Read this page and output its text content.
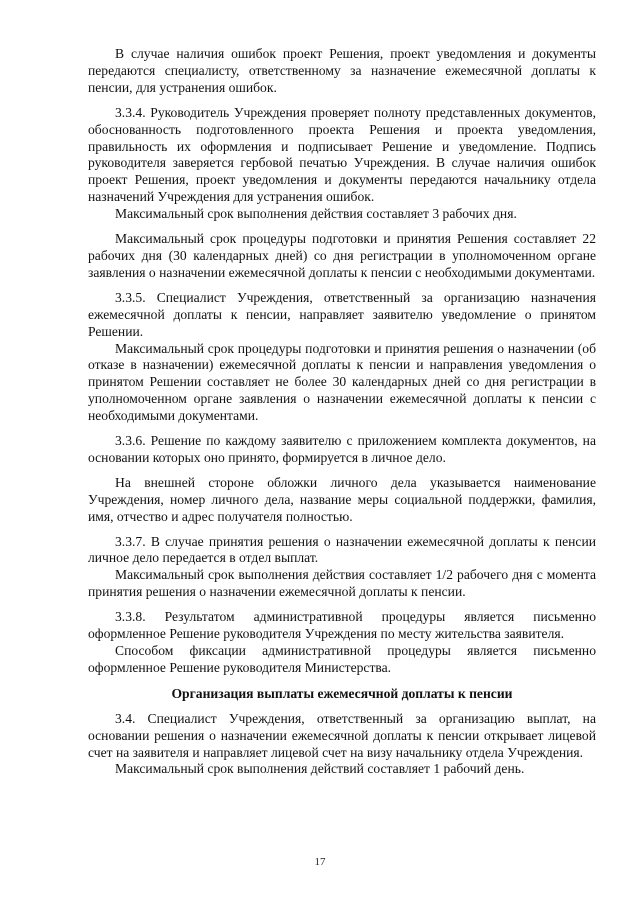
В случае наличия ошибок проект Решения, проект уведомления и документы передаются специалисту, ответственному за назначение ежемесячной доплаты к пенсии, для устранения ошибок.

3.3.4. Руководитель Учреждения проверяет полноту представленных документов, обоснованность подготовленного проекта Решения и проекта уведомления, правильность их оформления и подписывает Решение и уведомление. Подпись руководителя заверяется гербовой печатью Учреждения. В случае наличия ошибок проект Решения, проект уведомления и документы передаются начальнику отдела назначений Учреждения для устранения ошибок.

Максимальный срок выполнения действия составляет 3 рабочих дня.

Максимальный срок процедуры подготовки и принятия Решения составляет 22 рабочих дня (30 календарных дней) со дня регистрации в уполномоченном органе заявления о назначении ежемесячной доплаты к пенсии с необходимыми документами.

3.3.5. Специалист Учреждения, ответственный за организацию назначения ежемесячной доплаты к пенсии, направляет заявителю уведомление о принятом Решении.

Максимальный срок процедуры подготовки и принятия решения о назначении (об отказе в назначении) ежемесячной доплаты к пенсии и направления уведомления о принятом Решении составляет не более 30 календарных дней со дня регистрации в уполномоченном органе заявления о назначении ежемесячной доплаты к пенсии с необходимыми документами.

3.3.6. Решение по каждому заявителю с приложением комплекта документов, на основании которых оно принято, формируется в личное дело.

На внешней стороне обложки личного дела указывается наименование Учреждения, номер личного дела, название меры социальной поддержки, фамилия, имя, отчество и адрес получателя полностью.

3.3.7. В случае принятия решения о назначении ежемесячной доплаты к пенсии личное дело передается в отдел выплат.

Максимальный срок выполнения действия составляет 1/2 рабочего дня с момента принятия решения о назначении ежемесячной доплаты к пенсии.

3.3.8. Результатом административной процедуры является письменно оформленное Решение руководителя Учреждения по месту жительства заявителя.

Способом фиксации административной процедуры является письменно оформленное Решение руководителя Министерства.

Организация выплаты ежемесячной доплаты к пенсии

3.4. Специалист Учреждения, ответственный за организацию выплат, на основании решения о назначении ежемесячной доплаты к пенсии открывает лицевой счет на заявителя и направляет лицевой счет на визу начальнику отдела Учреждения.

Максимальный срок выполнения действий составляет 1 рабочий день.

17
